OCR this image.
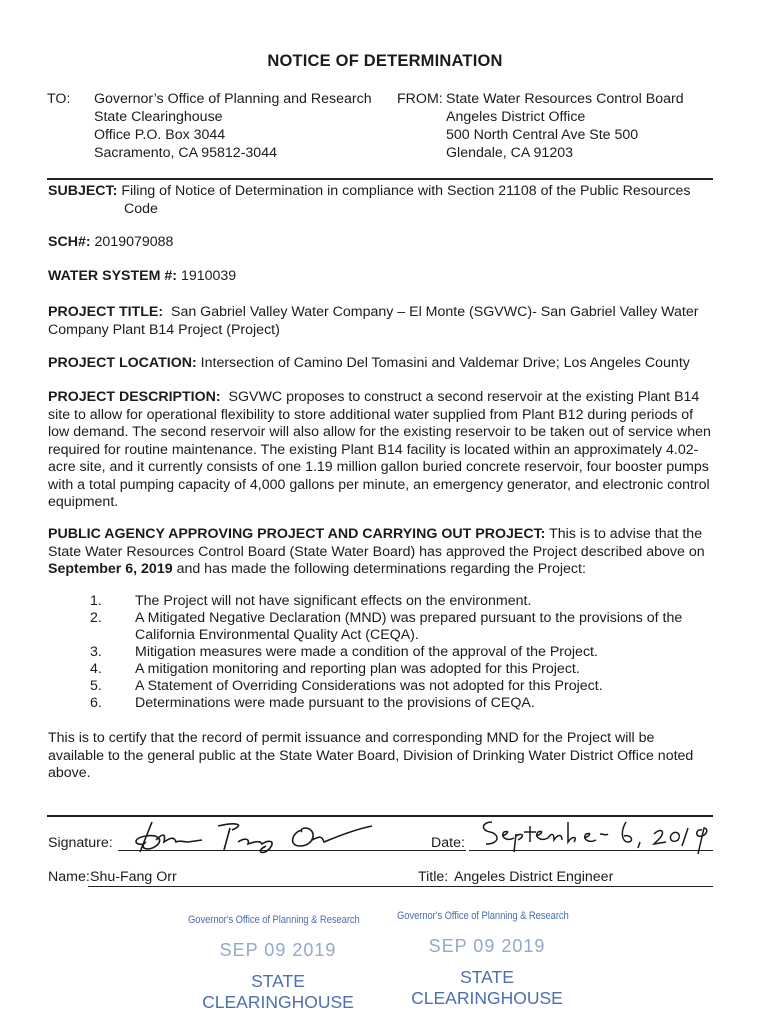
NOTICE OF DETERMINATION
TO: Governor’s Office of Planning and Research
State Clearinghouse
Office P.O. Box 3044
Sacramento, CA 95812-3044
FROM: State Water Resources Control Board
Angeles District Office
500 North Central Ave Ste 500
Glendale, CA 91203
SUBJECT: Filing of Notice of Determination in compliance with Section 21108 of the Public Resources
Code
SCH#: 2019079088
WATER SYSTEM #: 1910039
PROJECT TITLE: San Gabriel Valley Water Company – El Monte (SGVWC)- San Gabriel Valley Water Company Plant B14 Project (Project)
PROJECT LOCATION: Intersection of Camino Del Tomasini and Valdemar Drive; Los Angeles County
PROJECT DESCRIPTION: SGVWC proposes to construct a second reservoir at the existing Plant B14 site to allow for operational flexibility to store additional water supplied from Plant B12 during periods of low demand. The second reservoir will also allow for the existing reservoir to be taken out of service when required for routine maintenance. The existing Plant B14 facility is located within an approximately 4.02-acre site, and it currently consists of one 1.19 million gallon buried concrete reservoir, four booster pumps with a total pumping capacity of 4,000 gallons per minute, an emergency generator, and electronic control equipment.
PUBLIC AGENCY APPROVING PROJECT AND CARRYING OUT PROJECT: This is to advise that the State Water Resources Control Board (State Water Board) has approved the Project described above on September 6, 2019 and has made the following determinations regarding the Project:
1. The Project will not have significant effects on the environment.
2. A Mitigated Negative Declaration (MND) was prepared pursuant to the provisions of the California Environmental Quality Act (CEQA).
3. Mitigation measures were made a condition of the approval of the Project.
4. A mitigation monitoring and reporting plan was adopted for this Project.
5. A Statement of Overriding Considerations was not adopted for this Project.
6. Determinations were made pursuant to the provisions of CEQA.
This is to certify that the record of permit issuance and corresponding MND for the Project will be available to the general public at the State Water Board, Division of Drinking Water District Office noted above.
Signature:	Date:
Name: Shu-Fang Orr	Title: Angeles District Engineer
Governor's Office of Planning & Research
SEP 09 2019
STATE CLEARINGHOUSE
Governor's Office of Planning & Research
SEP 09 2019
STATE CLEARINGHOUSE
